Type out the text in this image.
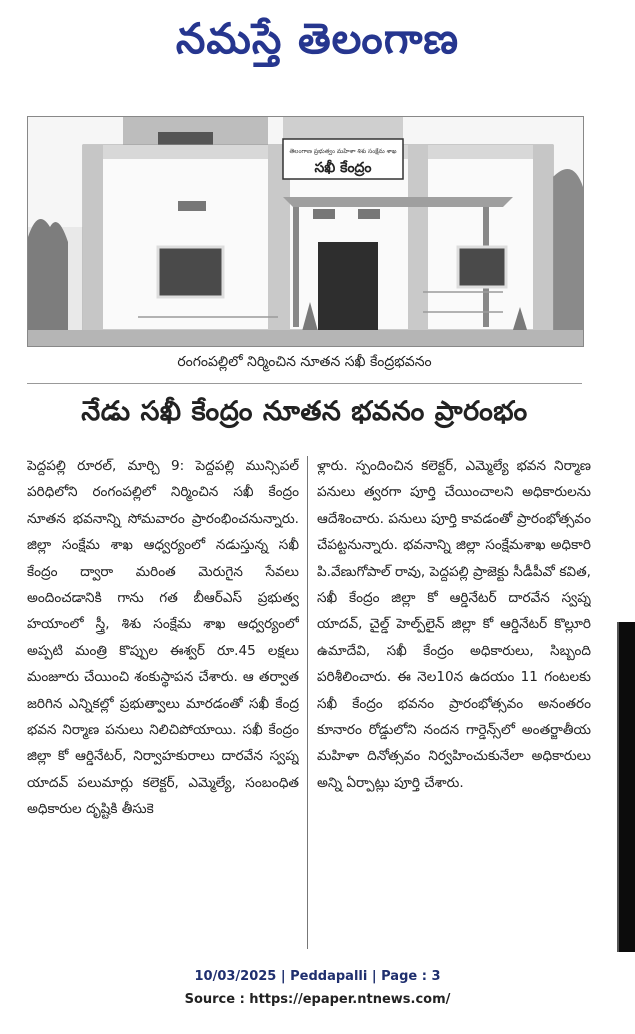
నమస్తే తెలంగాణ
తెలంగాణ ప్రభుత్వం మహిళా శిశు సంక్షేమ శాఖ
సఖీ కేంద్రం
రంగంపల్లిలో నిర్మించిన నూతన సఖీ కేంద్రభవనం
నేడు సఖీ కేంద్రం నూతన భవనం ప్రారంభం

పెద్దపల్లి రూరల్, మార్చి 9: పెద్దపల్లి మున్సిపల్ పరిధిలోని రంగంపల్లిలో నిర్మించిన సఖీ కేంద్రం నూతన భవనాన్ని సోమవారం ప్రారంభించనున్నారు. జిల్లా సంక్షేమ శాఖ ఆధ్వర్యంలో నడుస్తున్న సఖీ కేంద్రం ద్వారా మరింత మెరుగైన సేవలు అందించడానికి గాను గత బీఆర్ఎస్ ప్రభుత్వ హయాంలో స్త్రీ, శిశు సంక్షేమ శాఖ ఆధ్వర్యంలో అప్పటి మంత్రి కొప్పుల ఈశ్వర్ రూ.45 లక్షలు మంజూరు చేయించి శంకుస్థాపన చేశారు. ఆ తర్వాత జరిగిన ఎన్నికల్లో ప్రభుత్వాలు మారడంతో సఖీ కేంద్ర భవన నిర్మాణ పనులు నిలిచిపోయాయి. సఖీ కేంద్రం జిల్లా కో ఆర్డినేటర్, నిర్వాహకురాలు దారవేన స్వప్న యాదవ్ పలుమార్లు కలెక్టర్, ఎమ్మెల్యే, సంబంధిత అధికారుల దృష్టికి తీసుకె

ళ్లారు. స్పందించిన కలెక్టర్, ఎమ్మెల్యే భవన నిర్మాణ పనులు త్వరగా పూర్తి చేయించాలని అధికారులను ఆదేశించారు. పనులు పూర్తి కావడంతో ప్రారంభోత్సవం చేపట్టనున్నారు. భవనాన్ని జిల్లా సంక్షేమశాఖ అధికారి పి.వేణుగోపాల్ రావు, పెద్దపల్లి ప్రాజెక్టు సీడీపీవో కవిత, సఖీ కేంద్రం జిల్లా కో ఆర్డినేటర్ దారవేన స్వప్న యాదవ్, చైల్డ్ హెల్ప్‌లైన్ జిల్లా కో ఆర్డినేటర్ కొల్లూరి ఉమాదేవి, సఖీ కేంద్రం అధికారులు, సిబ్బంది పరిశీలించారు. ఈ నెల10న ఉదయం 11 గంటలకు సఖీ కేంద్రం భవనం ప్రారంభోత్సవం అనంతరం కూనారం రోడ్డులోని నందన గార్డెన్స్‌లో అంతర్జాతీయ మహిళా దినోత్సవం నిర్వహించుకునేలా అధికారులు అన్ని ఏర్పాట్లు పూర్తి చేశారు.

10/03/2025 | Peddapalli | Page : 3
Source : https://epaper.ntnews.com/
